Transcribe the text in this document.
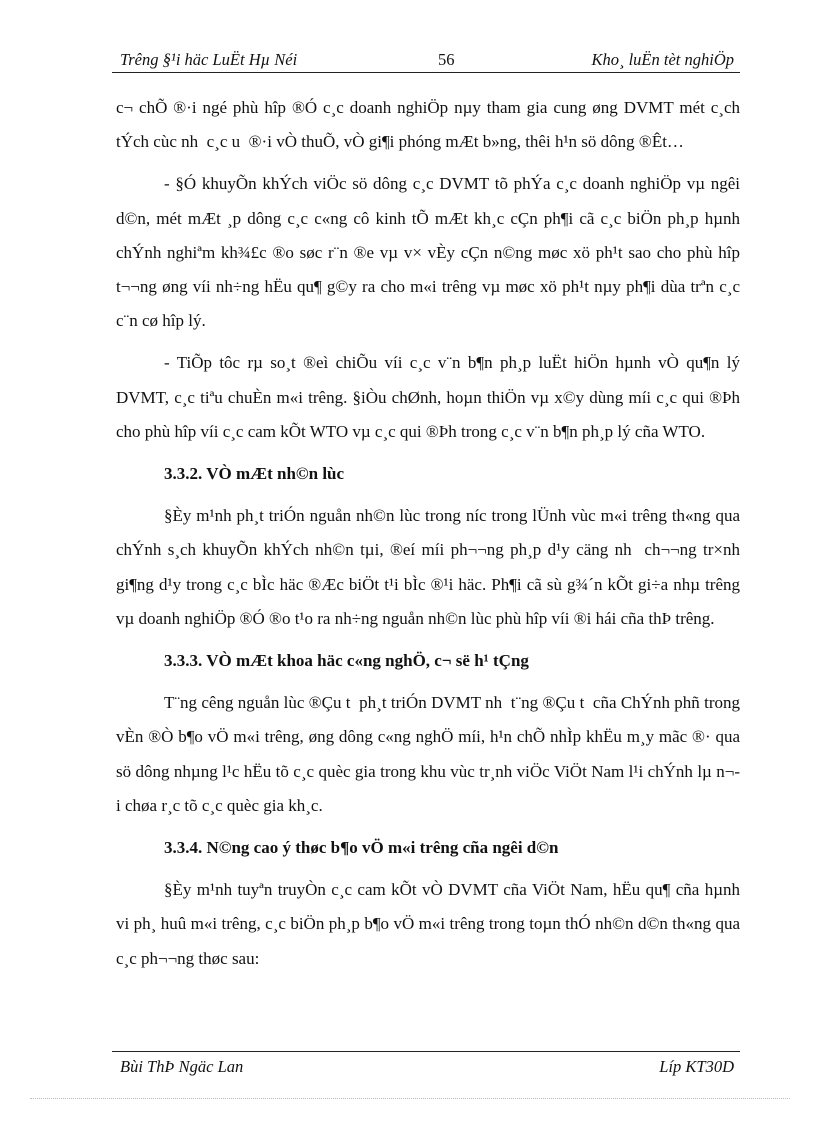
Trêng §¹i häc LuËt Hµ Néi	56	Kho¸ luËn tèt nghiÖp

c¬ chÕ ®·i ngé phù hîp ®Ó c¸c doanh nghiÖp nµy tham gia cung øng DVMT mét c¸ch tÝch cùc nh  c¸c u  ®·i vÒ thuÕ, vÒ gi¶i phóng mÆt b»ng, thêi h¹n sö dông ®Êt…

- §Ó khuyÕn khÝch viÖc sö dông c¸c DVMT tõ phÝa c¸c doanh nghiÖp vµ ngêi d©n, mét mÆt ¸p dông c¸c c«ng cô kinh tÕ mÆt kh¸c cÇn ph¶i cã c¸c biÖn ph¸p hµnh chÝnh nghiªm kh¾£c ®o søc r¨n ®e vµ v× vÈy cÇn n©ng møc xö ph¹t sao cho phù hîp t¬¬ng øng víi nh÷ng hËu qu¶ g©y ra cho m«i trêng vµ møc xö ph¹t nµy ph¶i dùa trªn c¸c c¨n cø hîp lý.

- TiÕp tôc rµ so¸t ®eì chiÕu víi c¸c v¨n b¶n ph¸p luËt hiÖn hµnh vÒ qu¶n lý DVMT, c¸c tiªu chuÈn m«i trêng. §iÒu chØnh, hoµn thiÖn vµ x©y dùng míi c¸c qui ®Þh cho phù hîp víi c¸c cam kÕt WTO vµ c¸c qui ®Þh trong c¸c v¨n b¶n ph¸p lý cña WTO.

3.3.2. VÒ mÆt nh©n lùc

§Èy m¹nh ph¸t triÓn nguån nh©n lùc trong níc trong lÜnh vùc m«i trêng th«ng qua chÝnh s¸ch khuyÕn khÝch nh©n tµi, ®eí míi ph¬¬ng ph¸p d¹y cäng nh  ch¬¬ng tr×nh gi¶ng d¹y trong c¸c bÌc häc ®Æc biÖt t¹i bÌc ®¹i häc. Ph¶i cã sù g¾´n kÕt gi÷a nhµ trêng vµ doanh nghiÖp ®Ó ®o t¹o ra nh÷ng nguån nh©n lùc phù hîp víi ®i hái cña thÞ trêng.

3.3.3. VÒ mÆt khoa häc c«ng nghÖ, c¬ së h¹ tÇng

T¨ng cêng nguån lùc ®Çu t  ph¸t triÓn DVMT nh  t¨ng ®Çu t  cña ChÝnh phñ trong vÈn ®Ò b¶o vÖ m«i trêng, øng dông c«ng nghÖ míi, h¹n chÕ nhÌp khËu m¸y mãc ®· qua sö dông nhµng l¹c hËu tõ c¸c quèc gia trong khu vùc tr¸nh viÖc ViÖt Nam l¹i chÝnh lµ n¬ i chøa r¸c tõ c¸c quèc gia kh¸c.

3.3.4. N©ng cao ý thøc b¶o vÖ m«i trêng cña ngêi d©n

§Èy m¹nh tuyªn truyÒn c¸c cam kÕt vÒ DVMT cña ViÖt Nam, hËu qu¶ cña hµnh vi ph¸ huû m«i trêng, c¸c biÖn ph¸p b¶o vÖ m«i trêng trong toµn thÓ nh©n d©n th«ng qua c¸c ph¬¬ng thøc sau:

Bùi ThÞ Ngäc Lan	Líp KT30D
